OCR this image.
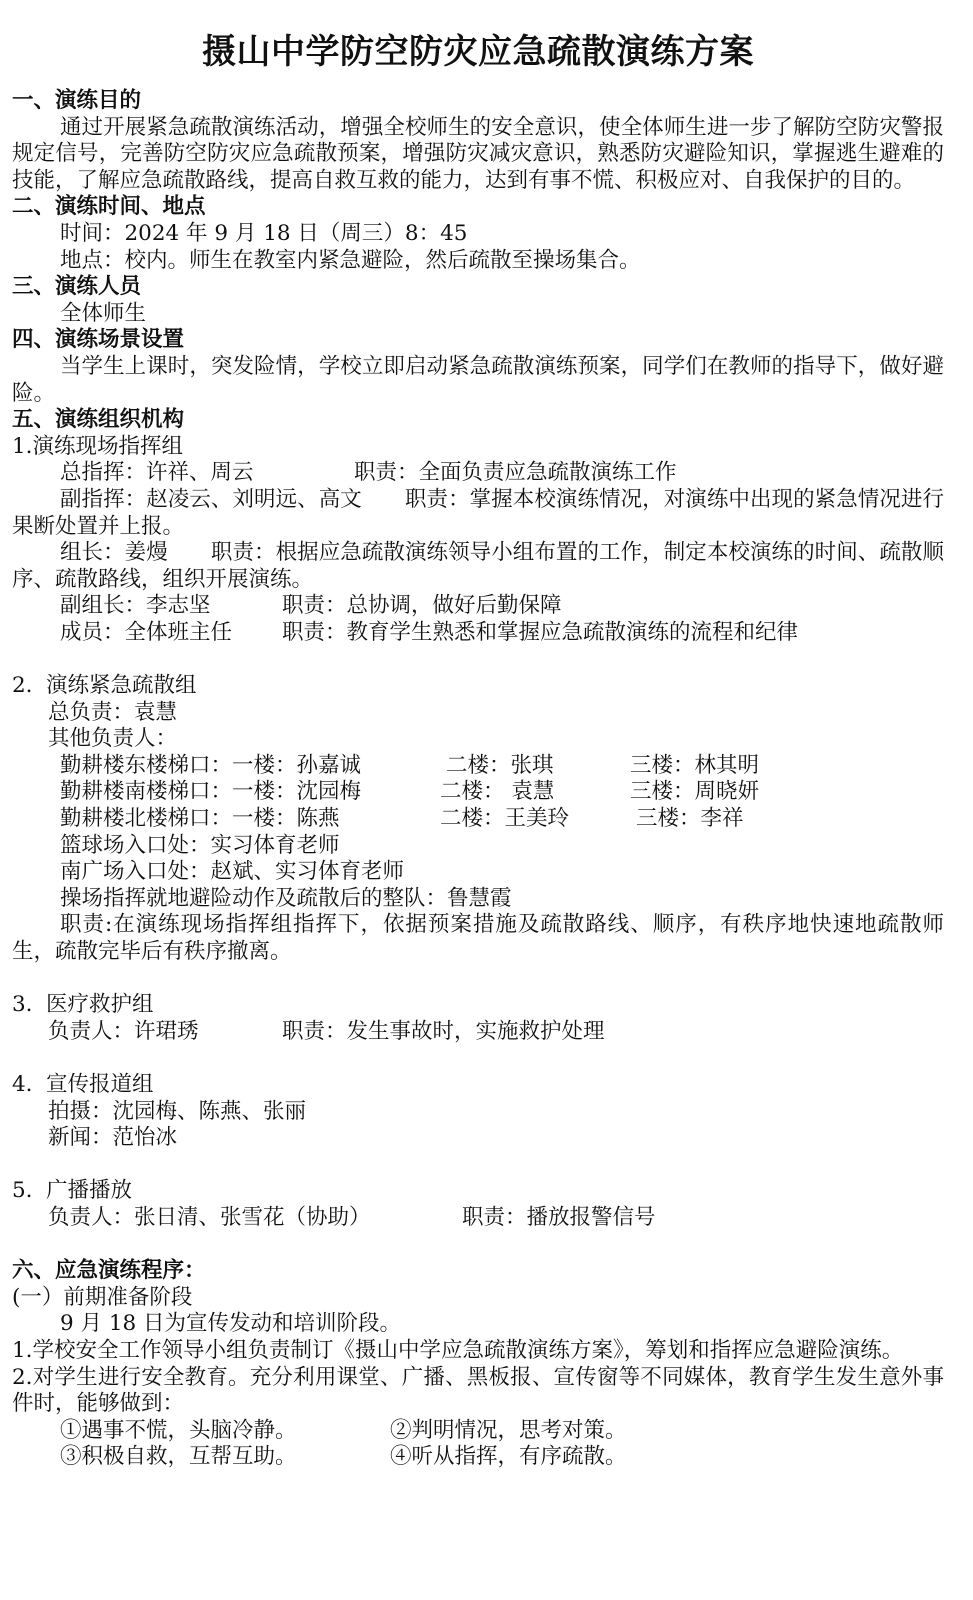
摄山中学防空防灾应急疏散演练方案
一、演练目的
通过开展紧急疏散演练活动，增强全校师生的安全意识，使全体师生进一步了解防空防灾警报规定信号，完善防空防灾应急疏散预案，增强防灾减灾意识，熟悉防灾避险知识，掌握逃生避难的技能，了解应急疏散路线，提高自救互救的能力，达到有事不慌、积极应对、自我保护的目的。
二、演练时间、地点
时间：2024 年 9 月 18 日（周三）8：45
地点：校内。师生在教室内紧急避险，然后疏散至操场集合。
三、演练人员
全体师生
四、演练场景设置
当学生上课时，突发险情，学校立即启动紧急疏散演练预案，同学们在教师的指导下，做好避险。
五、演练组织机构
1.演练现场指挥组
总指挥：许祥、周云	职责：全面负责应急疏散演练工作
副指挥：赵凌云、刘明远、高文　　职责：掌握本校演练情况，对演练中出现的紧急情况进行果断处置并上报。
组长：姜熳　　职责：根据应急疏散演练领导小组布置的工作，制定本校演练的时间、疏散顺序、疏散路线，组织开展演练。
副组长：李志坚	职责：总协调，做好后勤保障
成员：全体班主任 职责：教育学生熟悉和掌握应急疏散演练的流程和纪律
2. 演练紧急疏散组
总负责：袁慧
其他负责人：
勤耕楼东楼梯口：一楼：孙嘉诚	二楼：张琪	三楼：林其明
勤耕楼南楼梯口：一楼：沈园梅	二楼： 袁慧	三楼：周晓妍
勤耕楼北楼梯口：一楼：陈燕	二楼：王美玲	三楼：李祥
篮球场入口处：实习体育老师
南广场入口处：赵斌、实习体育老师
操场指挥就地避险动作及疏散后的整队：鲁慧霞
职责:在演练现场指挥组指挥下，依据预案措施及疏散路线、顺序，有秩序地快速地疏散师生，疏散完毕后有秩序撤离。
3. 医疗救护组
负责人：许珺琇	职责：发生事故时，实施救护处理
4. 宣传报道组
拍摄：沈园梅、陈燕、张丽
新闻：范怡冰
5. 广播播放
负责人：张日清、张雪花（协助）	职责：播放报警信号
六、应急演练程序：
(一）前期准备阶段
9 月 18 日为宣传发动和培训阶段。
1.学校安全工作领导小组负责制订《摄山中学应急疏散演练方案》，筹划和指挥应急避险演练。
2.对学生进行安全教育。充分利用课堂、广播、黑板报、宣传窗等不同媒体，教育学生发生意外事件时，能够做到：
①遇事不慌，头脑冷静。	②判明情况，思考对策。
③积极自救，互帮互助。	④听从指挥，有序疏散。
